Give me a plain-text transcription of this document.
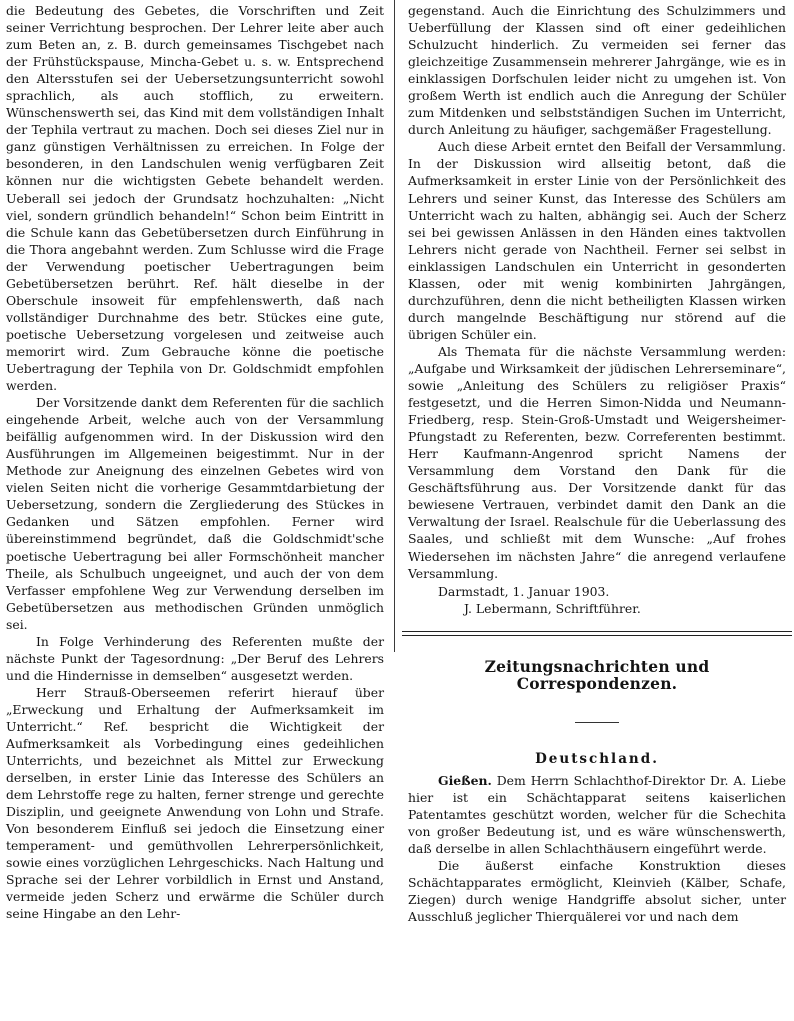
die Bedeutung des Gebetes, die Vorschriften und Zeit seiner Verrichtung besprochen. Der Lehrer leite aber auch zum Beten an, z. B. durch gemeinsames Tischgebet nach der Frühstückspause, Mincha-Gebet u. s. w. Entsprechend den Altersstufen sei der Uebersetzungsunterricht sowohl sprachlich, als auch stofflich, zu erweitern. Wünschenswerth sei, das Kind mit dem vollständigen Inhalt der Tephila vertraut zu machen. Doch sei dieses Ziel nur in ganz günstigen Verhältnissen zu erreichen. In Folge der besonderen, in den Landschulen wenig verfügbaren Zeit können nur die wichtigsten Gebete behandelt werden. Ueberall sei jedoch der Grundsatz hochzuhalten: „Nicht viel, sondern gründlich behandeln!“ Schon beim Eintritt in die Schule kann das Gebetübersetzen durch Einführung in die Thora angebahnt werden. Zum Schlusse wird die Frage der Verwendung poetischer Uebertragungen beim Gebetübersetzen berührt. Ref. hält dieselbe in der Oberschule insoweit für empfehlenswerth, daß nach vollständiger Durchnahme des betr. Stückes eine gute, poetische Uebersetzung vorgelesen und zeitweise auch memorirt wird. Zum Gebrauche könne die poetische Uebertragung der Tephila von Dr. Goldschmidt empfohlen werden.

Der Vorsitzende dankt dem Referenten für die sachlich eingehende Arbeit, welche auch von der Versammlung beifällig aufgenommen wird. In der Diskussion wird den Ausführungen im Allgemeinen beigestimmt. Nur in der Methode zur Aneignung des einzelnen Gebetes wird von vielen Seiten nicht die vorherige Gesammtdarbietung der Uebersetzung, sondern die Zergliederung des Stückes in Gedanken und Sätzen empfohlen. Ferner wird übereinstimmend begründet, daß die Goldschmidt'sche poetische Uebertragung bei aller Formschönheit mancher Theile, als Schulbuch ungeeignet, und auch der von dem Verfasser empfohlene Weg zur Verwendung derselben im Gebetübersetzen aus methodischen Gründen unmöglich sei.

In Folge Verhinderung des Referenten mußte der nächste Punkt der Tagesordnung: „Der Beruf des Lehrers und die Hindernisse in demselben“ ausgesetzt werden.

Herr Strauß-Oberseemen referirt hierauf über „Erweckung und Erhaltung der Aufmerksamkeit im Unterricht.“ Ref. bespricht die Wichtigkeit der Aufmerksamkeit als Vorbedingung eines gedeihlichen Unterrichts, und bezeichnet als Mittel zur Erweckung derselben, in erster Linie das Interesse des Schülers an dem Lehrstoffe rege zu halten, ferner strenge und gerechte Disziplin, und geeignete Anwendung von Lohn und Strafe. Von besonderem Einfluß sei jedoch die Einsetzung einer temperament- und gemüthvollen Lehrerpersönlichkeit, sowie eines vorzüglichen Lehrgeschicks. Nach Haltung und Sprache sei der Lehrer vorbildlich in Ernst und Anstand, vermeide jeden Scherz und erwärme die Schüler durch seine Hingabe an den Lehr-

gegenstand. Auch die Einrichtung des Schulzimmers und Ueberfüllung der Klassen sind oft einer gedeihlichen Schulzucht hinderlich. Zu vermeiden sei ferner das gleichzeitige Zusammensein mehrerer Jahrgänge, wie es in einklassigen Dorfschulen leider nicht zu umgehen ist. Von großem Werth ist endlich auch die Anregung der Schüler zum Mitdenken und selbstständigen Suchen im Unterricht, durch Anleitung zu häufiger, sachgemäßer Fragestellung.

Auch diese Arbeit erntet den Beifall der Versammlung. In der Diskussion wird allseitig betont, daß die Aufmerksamkeit in erster Linie von der Persönlichkeit des Lehrers und seiner Kunst, das Interesse des Schülers am Unterricht wach zu halten, abhängig sei. Auch der Scherz sei bei gewissen Anlässen in den Händen eines taktvollen Lehrers nicht gerade von Nachtheil. Ferner sei selbst in einklassigen Landschulen ein Unterricht in gesonderten Klassen, oder mit wenig kombinirten Jahrgängen, durchzuführen, denn die nicht betheiligten Klassen wirken durch mangelnde Beschäftigung nur störend auf die übrigen Schüler ein.

Als Themata für die nächste Versammlung werden: „Aufgabe und Wirksamkeit der jüdischen Lehrerseminare“, sowie „Anleitung des Schülers zu religiöser Praxis“ festgesetzt, und die Herren Simon-Nidda und Neumann-Friedberg, resp. Stein-Groß-Umstadt und Weigersheimer-Pfungstadt zu Referenten, bezw. Correferenten bestimmt. Herr Kaufmann-Angenrod spricht Namens der Versammlung dem Vorstand den Dank für die Geschäftsführung aus. Der Vorsitzende dankt für das bewiesene Vertrauen, verbindet damit den Dank an die Verwaltung der Israel. Realschule für die Ueberlassung des Saales, und schließt mit dem Wunsche: „Auf frohes Wiedersehen im nächsten Jahre“ die anregend verlaufene Versammlung.

Darmstadt, 1. Januar 1903.

J. Lebermann, Schriftführer.

Zeitungsnachrichten und Correspondenzen.
Deutschland.

Gießen. Dem Herrn Schlachthof-Direktor Dr. A. Liebe hier ist ein Schächtapparat seitens kaiserlichen Patentamtes geschützt worden, welcher für die Schechita von großer Bedeutung ist, und es wäre wünschenswerth, daß derselbe in allen Schlachthäusern eingeführt werde.

Die äußerst einfache Konstruktion dieses Schächtapparates ermöglicht, Kleinvieh (Kälber, Schafe, Ziegen) durch wenige Handgriffe absolut sicher, unter Ausschluß jeglicher Thierquälerei vor und nach dem
